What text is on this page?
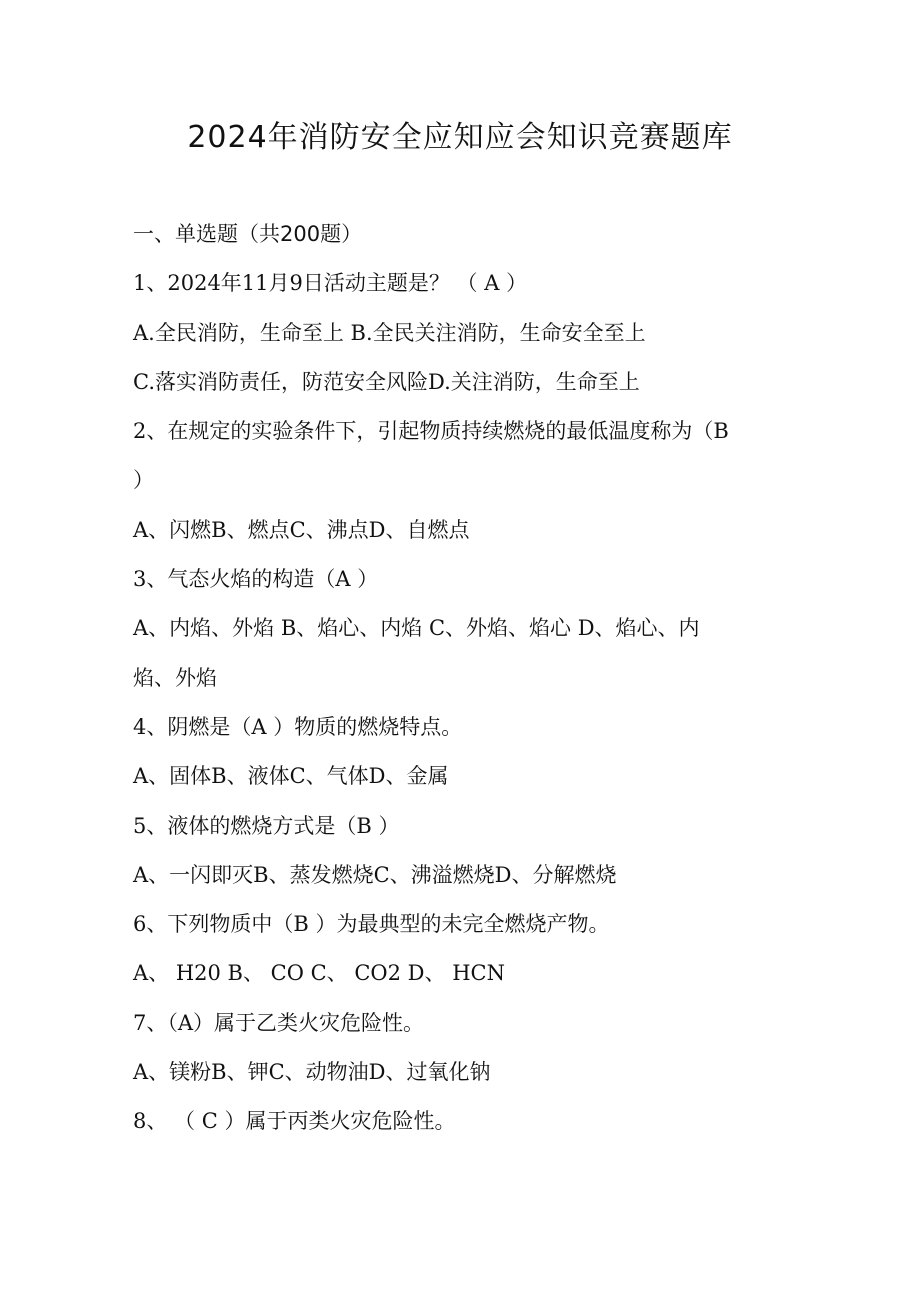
2024年消防安全应知应会知识竞赛题库
一、单选题（共200题）
1、2024年11月9日活动主题是？ （ A ）
A.全民消防，生命至上 B.全民关注消防，生命安全至上
C.落实消防责任，防范安全风险D.关注消防，生命至上
2、在规定的实验条件下，引起物质持续燃烧的最低温度称为（B
）
A、闪燃B、燃点C、沸点D、自燃点
3、气态火焰的构造（A ）
A、内焰、外焰 B、焰心、内焰 C、外焰、焰心 D、焰心、内
焰、外焰
4、阴燃是（A ）物质的燃烧特点。
A、固体B、液体C、气体D、金属
5、液体的燃烧方式是（B ）
A、一闪即灭B、蒸发燃烧C、沸溢燃烧D、分解燃烧
6、下列物质中（B ）为最典型的未完全燃烧产物。
A、 H20 B、 CO C、 CO2 D、 HCN
7、（A）属于乙类火灾危险性。
A、镁粉B、钾C、动物油D、过氧化钠
8、 （ C ）属于丙类火灾危险性。
